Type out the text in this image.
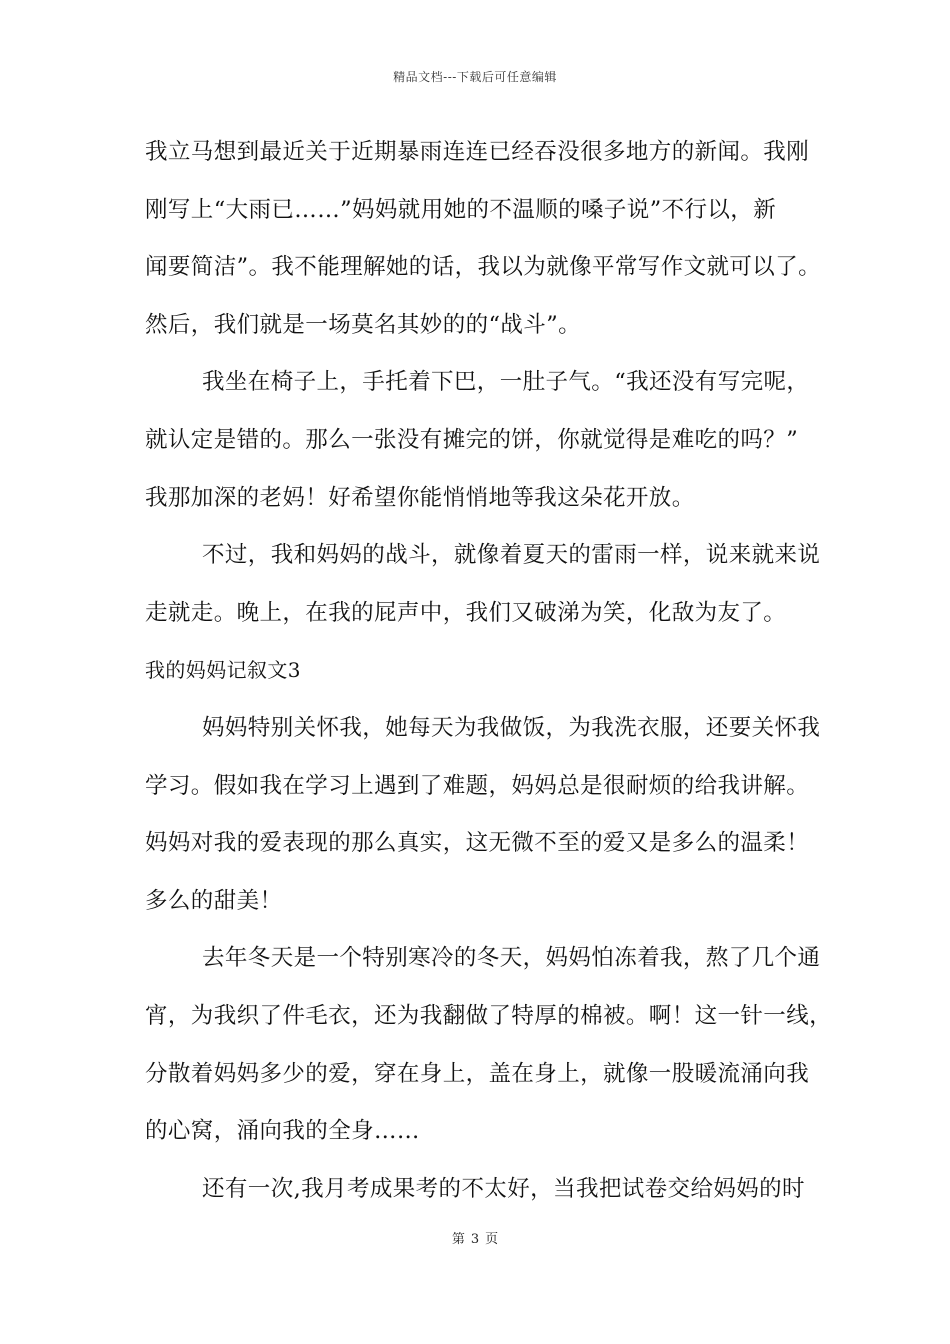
精品文档---下载后可任意编辑
我立马想到最近关于近期暴雨连连已经吞没很多地方的新闻。我刚
刚写上“大雨已……”妈妈就用她的不温顺的嗓子说”不行以，新
闻要简洁”。我不能理解她的话，我以为就像平常写作文就可以了。
然后，我们就是一场莫名其妙的的“战斗”。
我坐在椅子上，手托着下巴，一肚子气。“我还没有写完呢，
就认定是错的。那么一张没有摊完的饼，你就觉得是难吃的吗？”
我那加深的老妈！好希望你能悄悄地等我这朵花开放。
不过，我和妈妈的战斗，就像着夏天的雷雨一样，说来就来说
走就走。晚上，在我的屁声中，我们又破涕为笑，化敌为友了。
我的妈妈记叙文3
妈妈特别关怀我，她每天为我做饭，为我洗衣服，还要关怀我
学习。假如我在学习上遇到了难题，妈妈总是很耐烦的给我讲解。
妈妈对我的爱表现的那么真实，这无微不至的爱又是多么的温柔！
多么的甜美！
去年冬天是一个特别寒冷的冬天，妈妈怕冻着我，熬了几个通
宵，为我织了件毛衣，还为我翻做了特厚的棉被。啊！这一针一线，
分散着妈妈多少的爱，穿在身上，盖在身上，就像一股暖流涌向我
的心窝，涌向我的全身……
还有一次,我月考成果考的不太好，当我把试卷交给妈妈的时
第 3 页
